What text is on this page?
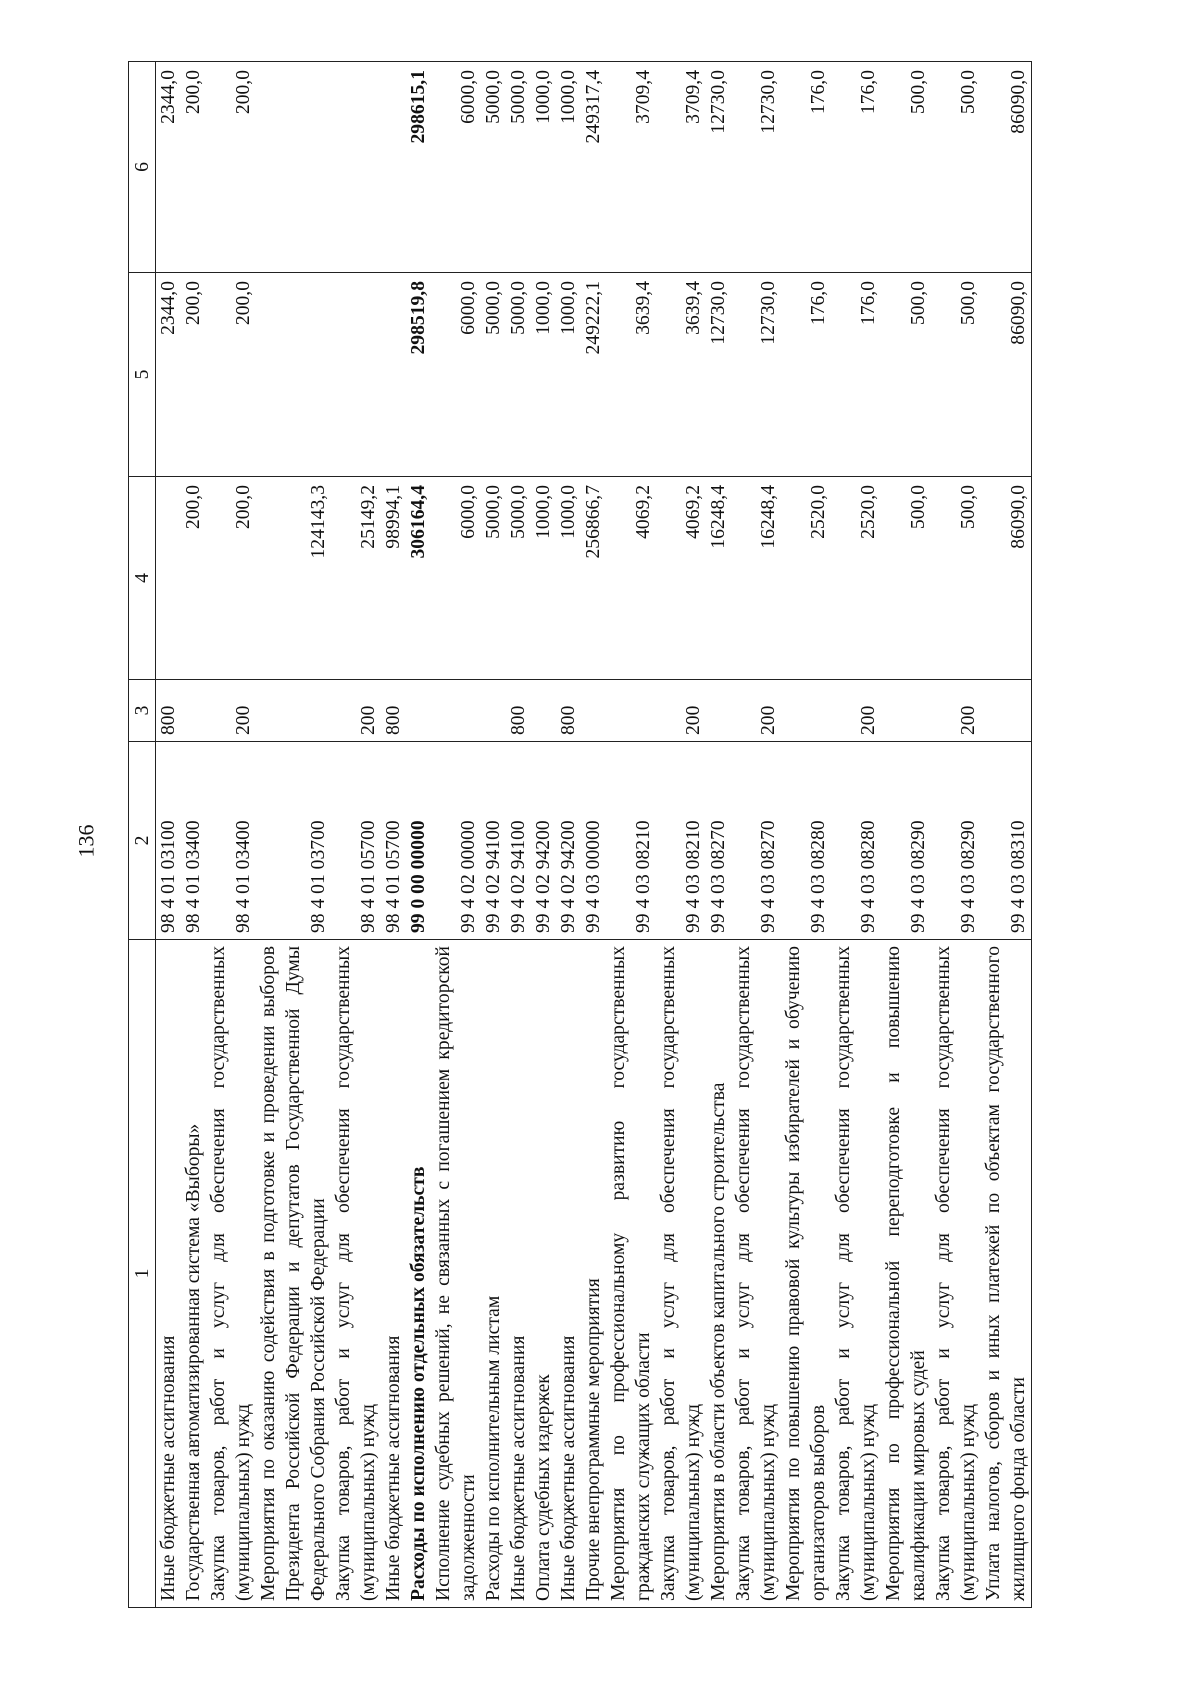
136
1	2	3	4	5	6
Иные бюджетные ассигнования	98 4 01 03100	800		2344,0	2344,0
Государственная автоматизированная система «Выборы»	98 4 01 03400		200,0	200,0	200,0
Закупка товаров, работ и услуг для обеспечения государственных (муниципальных) нужд	98 4 01 03400	200	200,0	200,0	200,0
Мероприятия по оказанию содействия в подготовке и проведении выборов Президента Российской Федерации и депутатов Государственной Думы Федерального Собрания Российской Федерации	98 4 01 03700		124143,3		
Закупка товаров, работ и услуг для обеспечения государственных (муниципальных) нужд	98 4 01 05700	200	25149,2		
Иные бюджетные ассигнования	98 4 01 05700	800	98994,1		
Расходы по исполнению отдельных обязательств	99 0 00 00000		306164,4	298519,8	298615,1
Исполнение судебных решений, не связанных с погашением кредиторской задолженности	99 4 02 00000		6000,0	6000,0	6000,0
Расходы по исполнительным листам	99 4 02 94100		5000,0	5000,0	5000,0
Иные бюджетные ассигнования	99 4 02 94100	800	5000,0	5000,0	5000,0
Оплата судебных издержек	99 4 02 94200		1000,0	1000,0	1000,0
Иные бюджетные ассигнования	99 4 02 94200	800	1000,0	1000,0	1000,0
Прочие внепрограммные мероприятия	99 4 03 00000		256866,7	249222,1	249317,4
Мероприятия по профессиональному развитию государственных гражданских служащих области	99 4 03 08210		4069,2	3639,4	3709,4
Закупка товаров, работ и услуг для обеспечения государственных (муниципальных) нужд	99 4 03 08210	200	4069,2	3639,4	3709,4
Мероприятия в области объектов капитального строительства	99 4 03 08270		16248,4	12730,0	12730,0
Закупка товаров, работ и услуг для обеспечения государственных (муниципальных) нужд	99 4 03 08270	200	16248,4	12730,0	12730,0
Мероприятия по повышению правовой культуры избирателей и обучению организаторов выборов	99 4 03 08280		2520,0	176,0	176,0
Закупка товаров, работ и услуг для обеспечения государственных (муниципальных) нужд	99 4 03 08280	200	2520,0	176,0	176,0
Мероприятия по профессиональной переподготовке и повышению квалификации мировых судей	99 4 03 08290		500,0	500,0	500,0
Закупка товаров, работ и услуг для обеспечения государственных (муниципальных) нужд	99 4 03 08290	200	500,0	500,0	500,0
Уплата налогов, сборов и иных платежей по объектам государственного жилищного фонда области	99 4 03 08310		86090,0	86090,0	86090,0
